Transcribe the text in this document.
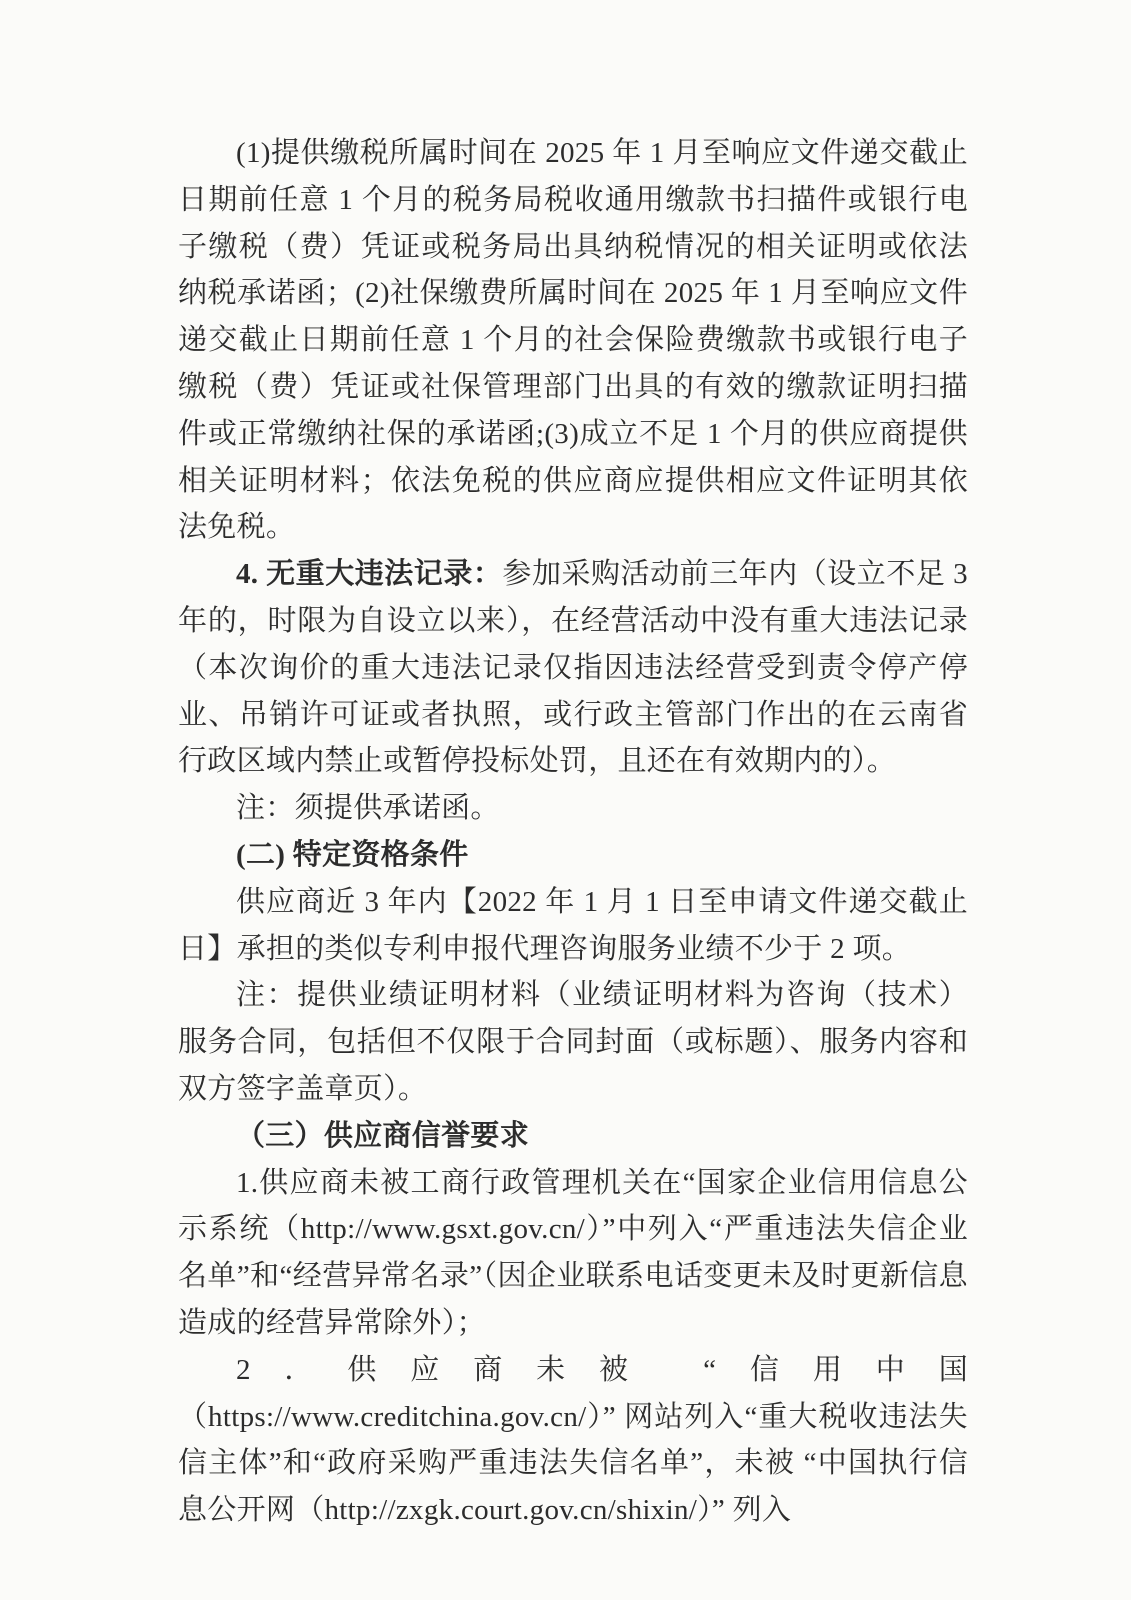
(1)提供缴税所属时间在 2025 年 1 月至响应文件递交截止日期前任意 1 个月的税务局税收通用缴款书扫描件或银行电子缴税（费）凭证或税务局出具纳税情况的相关证明或依法纳税承诺函；(2)社保缴费所属时间在 2025 年 1 月至响应文件递交截止日期前任意 1 个月的社会保险费缴款书或银行电子缴税（费）凭证或社保管理部门出具的有效的缴款证明扫描件或正常缴纳社保的承诺函;(3)成立不足 1 个月的供应商提供相关证明材料；依法免税的供应商应提供相应文件证明其依法免税。

4. 无重大违法记录：参加采购活动前三年内（设立不足 3 年的，时限为自设立以来），在经营活动中没有重大违法记录（本次询价的重大违法记录仅指因违法经营受到责令停产停业、吊销许可证或者执照，或行政主管部门作出的在云南省行政区域内禁止或暂停投标处罚，且还在有效期内的）。

注：须提供承诺函。

(二) 特定资格条件

供应商近 3 年内【2022 年 1 月 1 日至申请文件递交截止日】承担的类似专利申报代理咨询服务业绩不少于 2 项。

注：提供业绩证明材料（业绩证明材料为咨询（技术）服务合同，包括但不仅限于合同封面（或标题）、服务内容和双方签字盖章页）。

（三）供应商信誉要求

1.供应商未被工商行政管理机关在“国家企业信用信息公示系统（http://www.gsxt.gov.cn/）”中列入“严重违法失信企业名单”和“经营异常名录”（因企业联系电话变更未及时更新信息造成的经营异常除外）；

2．供应商未被 “信用中国（https://www.creditchina.gov.cn/）” 网站列入“重大税收违法失信主体”和“政府采购严重违法失信名单”，未被 “中国执行信息公开网（http://zxgk.court.gov.cn/shixin/）” 列入
